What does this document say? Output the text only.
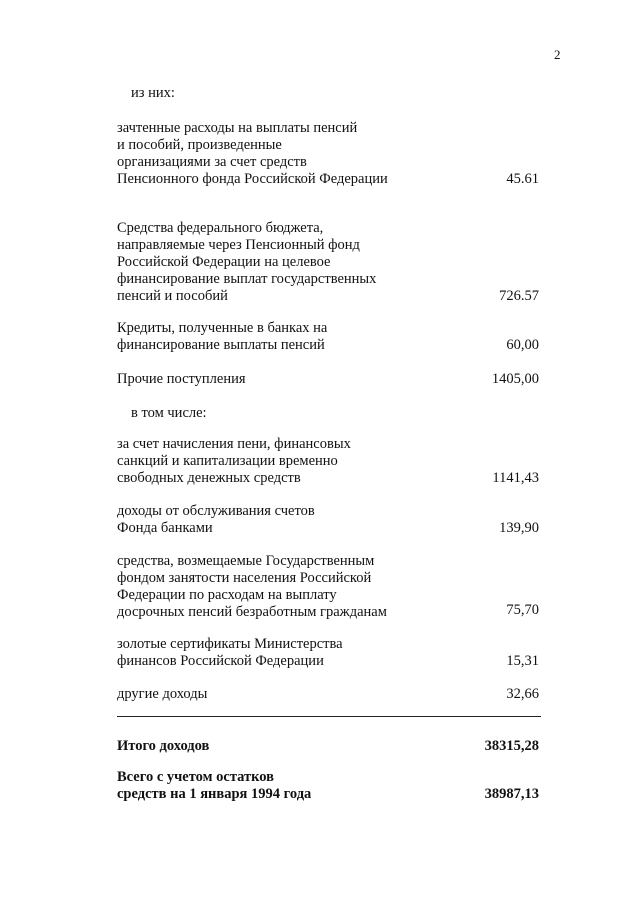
2
из них:
зачтенные расходы на выплаты пенсий
и пособий, произведенные
организациями за счет средств
Пенсионного фонда Российской Федерации	45.61
Средства федерального бюджета,
направляемые через Пенсионный фонд
Российской Федерации на целевое
финансирование выплат государственных
пенсий и пособий	726.57
Кредиты, полученные в банках на
финансирование выплаты пенсий	60,00
Прочие поступления	1405,00
в том числе:
за счет начисления пени, финансовых
санкций и капитализации временно
свободных денежных средств	1141,43
доходы от обслуживания счетов
Фонда банками	139,90
средства, возмещаемые Государственным
фондом занятости населения Российской
Федерации по расходам на выплату
досрочных пенсий безработным гражданам	75,70
золотые сертификаты Министерства
финансов Российской Федерации	15,31
другие доходы	32,66
Итого доходов	38315,28
Всего с учетом остатков
средств на 1 января 1994 года	38987,13
